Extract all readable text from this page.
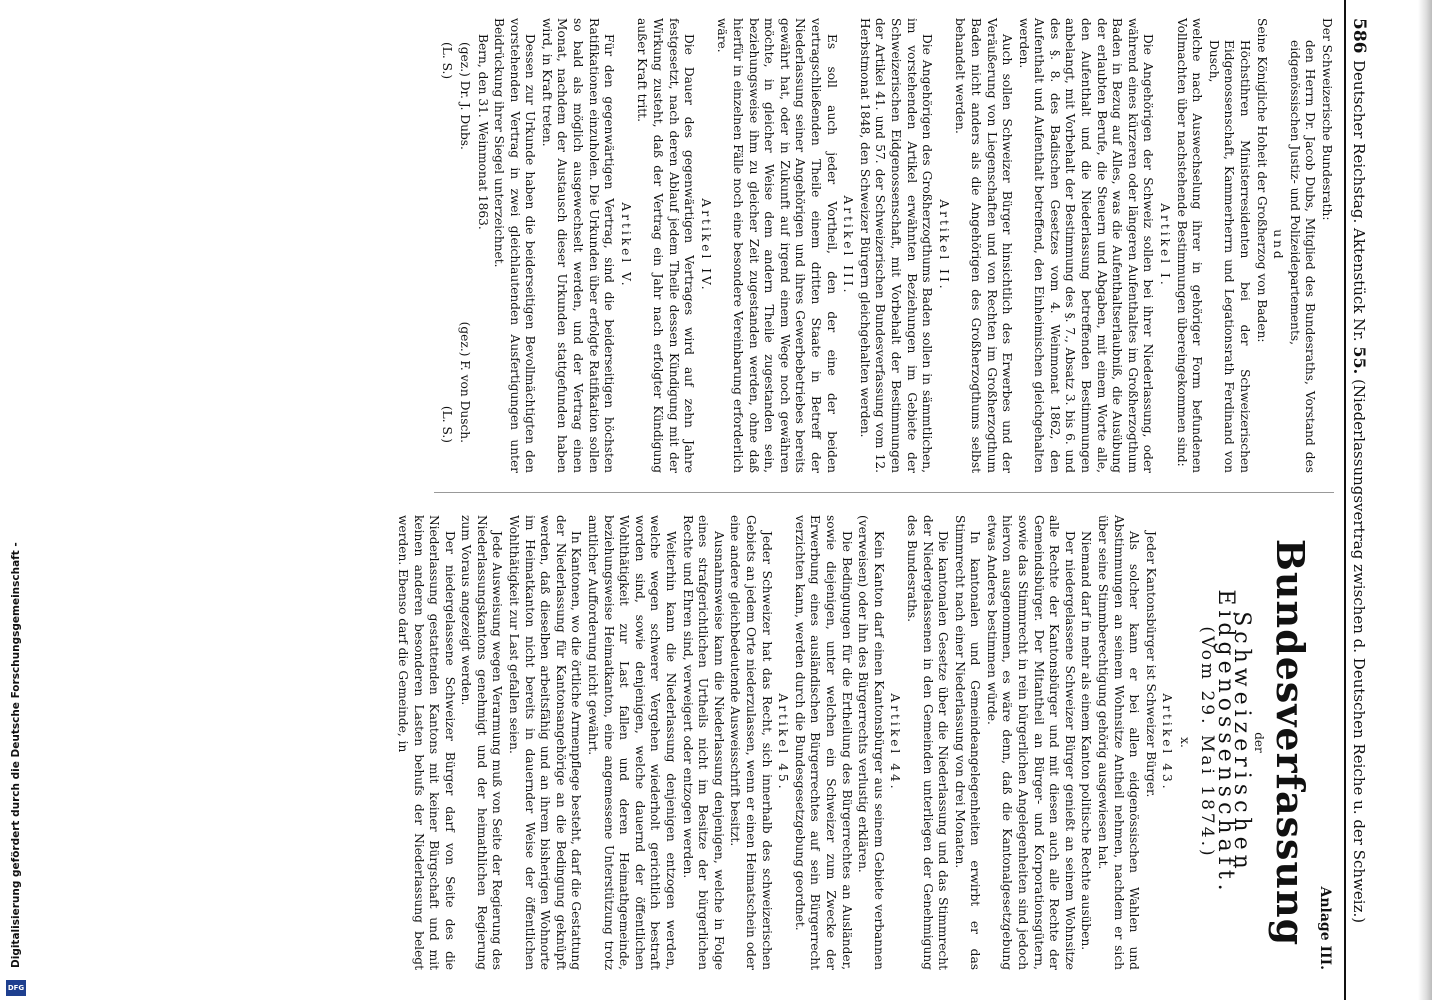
586
Deutscher Reichstag. Aktenstück Nr. 55. (Niederlassungsvertrag zwischen d. Deutschen Reiche u. der Schweiz.)

Der Schweizerische Bundesrath:

den Herrn Dr. Jacob Dubs, Mitglied des Bundesraths, Vorstand des eidgenössischen Justiz- und Polizeidepartements,

und

Seine Königliche Hoheit der Großherzog von Baden:

Höchstihren Ministerresidenten bei der Schweizerischen Eidgenossenschaft, Kammerherrn und Legationsrath Ferdinand von Dusch,

welche nach Auswechselung ihrer in gehöriger Form befundenen Vollmachten über nachstehende Bestimmungen übereingekommen sind:

Artikel I.

Die Angehörigen der Schweiz sollen bei ihrer Niederlassung, oder während eines kürzeren oder längeren Aufenthaltes im Großherzogthum Baden in Bezug auf Alles, was die Aufenthaltserlaubniß, die Ausübung der erlaubten Berufe, die Steuern und Abgaben, mit einem Worte alle, den Aufenthalt und die Niederlassung betreffenden Bestimmungen anbelangt, mit Vorbehalt der Bestimmung des §. 7., Absatz 3. bis 6. und des §. 8. des Badischen Gesetzes vom 4. Weinmonat 1862, den Aufenthalt und Aufenthalt betreffend, den Einheimischen gleichgehalten werden.

Auch sollen Schweizer Bürger hinsichtlich des Erwerbes und der Veräußerung von Liegenschaften und von Rechten im Großherzogthum Baden nicht anders als die Angehörigen des Großherzogthums selbst behandelt werden.

Artikel II.

Die Angehörigen des Großherzogthums Baden sollen in sämmtlichen, im vorstehenden Artikel erwähnten Beziehungen im Gebiete der Schweizerischen Eidgenossenschaft, mit Vorbehalt der Bestimmungen der Artikel 41. und 57. der Schweizerischen Bundesverfassung vom 12. Herbstmonat 1848, den Schweizer Bürgern gleichgehalten werden.

Artikel III.

Es soll auch jeder Vortheil, den der eine der beiden vertragschließenden Theile einem dritten Staate in Betreff der Niederlassung seiner Angehörigen und ihres Gewerbebetriebes bereits gewährt hat, oder in Zukunft auf irgend einem Wege noch gewähren möchte, in gleicher Weise dem andern Theile zugestanden sein, beziehungsweise ihm zu gleicher Zeit zugestanden werden, ohne daß hierfür in einzelnen Fälle noch eine besondere Vereinbarung erforderlich wäre.

Artikel IV.

Die Dauer des gegenwärtigen Vertrages wird auf zehn Jahre festgesetzt, nach deren Ablauf jedem Theile dessen Kündigung mit der Wirkung zusteht, daß der Vertrag ein Jahr nach erfolgter Kündigung außer Kraft tritt.

Artikel V.

Für den gegenwärtigen Vertrag, sind die beiderseitigen höchsten Ratifikationen einzuholen. Die Urkunden über erfolgte Ratifikation sollen so bald als möglich ausgewechselt werden, und der Vertrag einen Monat, nachdem der Austausch dieser Urkunden stattgefunden haben wird, in Kraft treten.

Dessen zur Urkunde haben die beiderseitigen Bevollmächtigten den vorstehenden Vertrag in zwei gleichlautenden Ausfertigungen unter Beidrückung ihrer Siegel unterzeichnet.

Bern, den 31. Weinmonat 1863.

(gez.) Dr. J. Dubs.
(gez.) F. von Dusch.
(L. S.)
(L. S.)
Anlage III.
Bundesverfassung
der
Schweizerischen Eidgenossenschaft.
(Vom 29. Mai 1874.)
x.

Artikel 43.

Jeder Kantonsbürger ist Schweizer Bürger.

Als solcher kann er bei allen eidgenössischen Wahlen und Abstimmungen an seinem Wohnsitze Antheil nehmen, nachdem er sich über seine Stimmberechtigung gehörig ausgewiesen hat.

Niemand darf in mehr als einem Kanton politische Rechte ausüben.

Der niedergelassene Schweizer Bürger genießt an seinem Wohnsitze alle Rechte der Kantonsbürger und mit diesen auch alle Rechte der Gemeindsbürger. Der Mitantheil an Bürger- und Korporationsgütern, sowie das Stimmrecht in rein bürgerlichen Angelegenheiten sind jedoch hiervon ausgenommen, es wäre denn, daß die Kantonalgesetzgebung etwas Anderes bestimmen würde.

In kantonalen und Gemeindeangelegenheiten erwirbt er das Stimmrecht nach einer Niederlassung von drei Monaten.

Die kantonalen Gesetze über die Niederlassung und das Stimmrecht der Niedergelassenen in den Gemeinden unterliegen der Genehmigung des Bundesraths.

Artikel 44.

Kein Kanton darf einen Kantonsbürger aus seinem Gebiete verbannen (verweisen) oder ihn des Bürgerrechts verlustig erklären.

Die Bedingungen für die Ertheilung des Bürgerrechtes an Ausländer, sowie diejenigen, unter welchen ein Schweizer zum Zwecke der Erwerbung eines ausländischen Bürgerrechtes auf sein Bürgerrecht verzichten kann, werden durch die Bundesgesetzgebung geordnet.

Artikel 45.

Jeder Schweizer hat das Recht, sich innerhalb des schweizerischen Gebiets an jedem Orte niederzulassen, wenn er einen Heimatschein oder eine andere gleichbedeutende Ausweisschrift besitzt.

Ausnahmsweise kann die Niederlassung denjenigen, welche in Folge eines strafgerichtlichen Urtheils nicht im Besitze der bürgerlichen Rechte und Ehren sind, verweigert oder entzogen werden.

Weiterhin kann die Niederlassung denjenigen entzogen werden, welche wegen schwerer Vergehen wiederholt gerichtlich bestraft worden sind, sowie denjenigen, welche dauernd der öffentlichen Wohlthätigkeit zur Last fallen und deren Heimathgemeinde, beziehungsweise Heimatkanton, eine angemessene Unterstützung trotz amtlicher Aufforderung nicht gewährt.

In Kantonen, wo die örtliche Armenpflege besteht, darf die Gestattung der Niederlassung für Kantonsangehörige an die Bedingung geknüpft werden, daß dieselben arbeitsfähig und an ihrem bisherigen Wohnorte im Heimatkanton nicht bereits in dauernder Weise der öffentlichen Wohlthätigkeit zur Last gefallen seien.

Jede Ausweisung wegen Verarmung muß von Seite der Regierung des Niederlassungskantons genehmigt und der heimathlichen Regierung zum Voraus angezeigt werden.

Der niedergelassene Schweizer Bürger darf von Seite des die Niederlassung gestattenden Kantons mit keiner Bürgschaft und mit keinen anderen besonderen Lasten behufs der Niederlassung belegt werden. Ebenso darf die Gemeinde, in

Digitalisierung gefördert durch die Deutsche Forschungsgemeinschaft -
DFG
